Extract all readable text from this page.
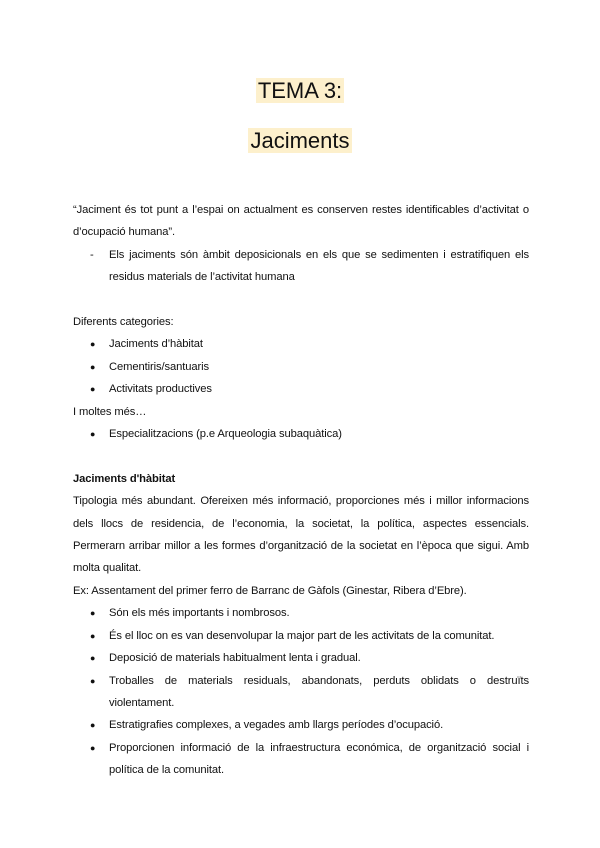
TEMA 3:
Jaciments

“Jaciment és tot punt a l’espai on actualment es conserven restes identificables d’activitat o d’ocupació humana”.

- Els jaciments són àmbit deposicionals en els que se sedimenten i estratifiquen els residus materials de l’activitat humana

Diferents categories:

● Jaciments d’hàbitat
● Cementiris/santuaris
● Activitats productives

I moltes més…

● Especialitzacions (p.e Arqueologia subaquàtica)

Jaciments d'hàbitat

Tipologia més abundant. Ofereixen més informació, proporciones més i millor informacions dels llocs de residencia, de l’economia, la societat, la política, aspectes essencials. Permerarn arribar millor a les formes d’organització de la societat en l’època que sigui. Amb molta qualitat.

Ex: Assentament del primer ferro de Barranc de Gàfols (Ginestar, Ribera d’Ebre).

● Són els més importants i nombrosos.
● És el lloc on es van desenvolupar la major part de les activitats de la comunitat.
● Deposició de materials habitualment lenta i gradual.
● Troballes de materials residuals, abandonats, perduts oblidats o destruïts violentament.
● Estratigrafies complexes, a vegades amb llargs períodes d’ocupació.
● Proporcionen informació de la infraestructura económica, de organització social i política de la comunitat.
